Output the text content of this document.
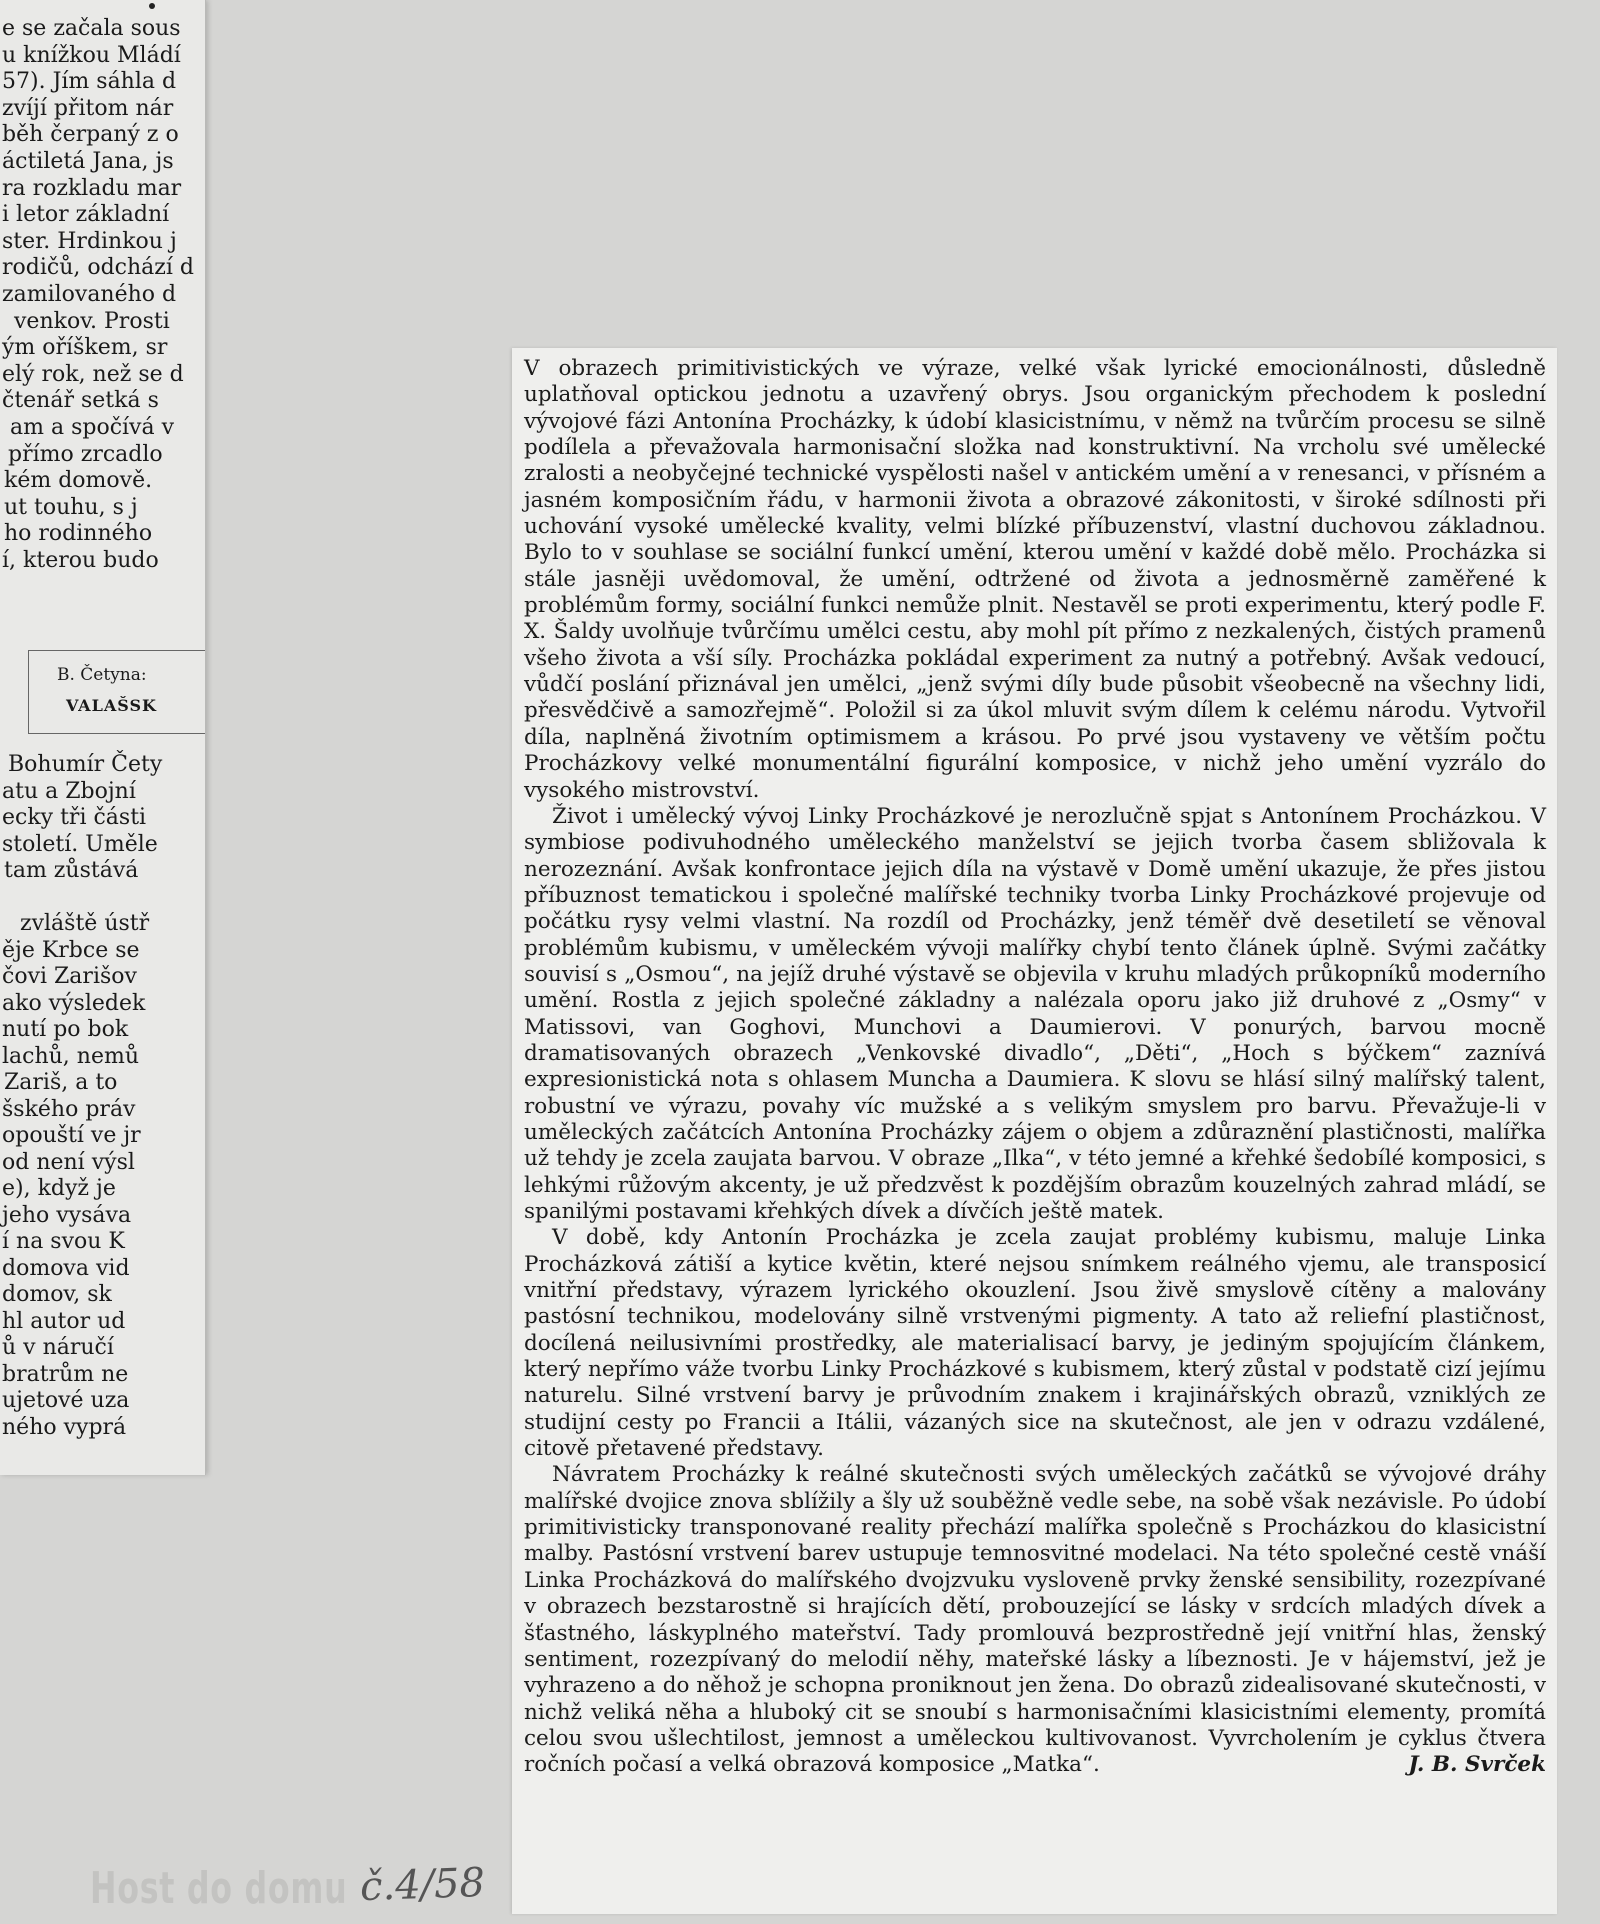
e se začala sous
u knížkou Mládí
57). Jím sáhla d
zvíjí přitom nár
běh čerpaný z o
áctiletá Jana, js
ra rozkladu mar
i letor základní
ster. Hrdinkou j
rodičů, odchází d
zamilovaného d
venkov. Prosti
ým oříškem, sr
elý rok, než se d
čtenář setká s
am a spočívá v
přímo zrcadlo
kém domově.
ut touhu, s j
ho rodinného
í, kterou budo
B. Četyna:
VALAŠSK
Bohumír Čety
atu a Zbojní
ecky tři části
století. Uměle
tam zůstává
zvláště ústř
ěje Krbce se
čovi Zarišov
ako výsledek
nutí po bok
lachů, nemů
Zariš, a to
šského práv
opouští ve jr
od není výsl
e), když je
jeho vysáva
í na svou K
domova vid
domov, sk
hl autor ud
ů v náručí
bratrům ne
ujetové uza
ného vyprá

V obrazech primitivistických ve výraze, velké však lyrické emocionálnosti, důsledně uplatňoval optickou jednotu a uzavřený obrys. Jsou organickým přechodem k poslední vývojové fázi Antonína Procházky, k údobí klasicistnímu, v němž na tvůrčím procesu se silně podílela a převažovala harmonisační složka nad konstruktivní. Na vrcholu své umělecké zralosti a neobyčejné technické vyspělosti našel v antickém umění a v renesanci, v přísném a jasném komposičním řádu, v harmonii života a obrazové zákonitosti, v široké sdílnosti při uchování vysoké umělecké kvality, velmi blízké příbuzenství, vlastní duchovou základnou. Bylo to v souhlase se sociální funkcí umění, kterou umění v každé době mělo. Procházka si stále jasněji uvědomoval, že umění, odtržené od života a jednosměrně zaměřené k problémům formy, sociální funkci nemůže plnit. Nestavěl se proti experimentu, který podle F. X. Šaldy uvolňuje tvůrčímu umělci cestu, aby mohl pít přímo z nezkalených, čistých pramenů všeho života a vší síly. Procházka pokládal experiment za nutný a potřebný. Avšak vedoucí, vůdčí poslání přiznával jen umělci, „jenž svými díly bude působit všeobecně na všechny lidi, přesvědčivě a samozřejmě“. Položil si za úkol mluvit svým dílem k celému národu. Vytvořil díla, naplněná životním optimismem a krásou. Po prvé jsou vystaveny ve větším počtu Procházkovy velké monumentální figurální komposice, v nichž jeho umění vyzrálo do vysokého mistrovství.

Život i umělecký vývoj Linky Procházkové je nerozlučně spjat s Antonínem Procházkou. V symbiose podivuhodného uměleckého manželství se jejich tvorba časem sbližovala k nerozeznání. Avšak konfrontace jejich díla na výstavě v Domě umění ukazuje, že přes jistou příbuznost tematickou i společné malířské techniky tvorba Linky Procházkové projevuje od počátku rysy velmi vlastní. Na rozdíl od Procházky, jenž téměř dvě desetiletí se věnoval problémům kubismu, v uměleckém vývoji malířky chybí tento článek úplně. Svými začátky souvisí s „Osmou“, na jejíž druhé výstavě se objevila v kruhu mladých průkopníků moderního umění. Rostla z jejich společné základny a nalézala oporu jako již druhové z „Osmy“ v Matissovi, van Goghovi, Munchovi a Daumierovi. V ponurých, barvou mocně dramatisovaných obrazech „Venkovské divadlo“, „Děti“, „Hoch s býčkem“ zaznívá expresionistická nota s ohlasem Muncha a Daumiera. K slovu se hlásí silný malířský talent, robustní ve výrazu, povahy víc mužské a s velikým smyslem pro barvu. Převažuje-li v uměleckých začátcích Antonína Procházky zájem o objem a zdůraznění plastičnosti, malířka už tehdy je zcela zaujata barvou. V obraze „Ilka“, v této jemné a křehké šedobílé komposici, s lehkými růžovým akcenty, je už předzvěst k pozdějším obrazům kouzelných zahrad mládí, se spanilými postavami křehkých dívek a dívčích ještě matek.

V době, kdy Antonín Procházka je zcela zaujat problémy kubismu, maluje Linka Procházková zátiší a kytice květin, které nejsou snímkem reálného vjemu, ale transposicí vnitřní představy, výrazem lyrického okouzlení. Jsou živě smyslově cítěny a malovány pastósní technikou, modelovány silně vrstvenými pigmenty. A tato až reliefní plastičnost, docílená neilusivními prostředky, ale materialisací barvy, je jediným spojujícím článkem, který nepřímo váže tvorbu Linky Procházkové s kubismem, který zůstal v podstatě cizí jejímu naturelu. Silné vrstvení barvy je průvodním znakem i krajinářských obrazů, vzniklých ze studijní cesty po Francii a Itálii, vázaných sice na skutečnost, ale jen v odrazu vzdálené, citově přetavené představy.

Návratem Procházky k reálné skutečnosti svých uměleckých začátků se vývojové dráhy malířské dvojice znova sblížily a šly už souběžně vedle sebe, na sobě však nezávisle. Po údobí primitivisticky transponované reality přechází malířka společně s Procházkou do klasicistní malby. Pastósní vrstvení barev ustupuje temnosvitné modelaci. Na této společné cestě vnáší Linka Procházková do malířského dvojzvuku vysloveně prvky ženské sensibility, rozezpívané v obrazech bezstarostně si hrajících dětí, probouzející se lásky v srdcích mladých dívek a šťastného, láskyplného mateřství. Tady promlouvá bezprostředně její vnitřní hlas, ženský sentiment, rozezpívaný do melodií něhy, mateřské lásky a líbeznosti. Je v hájemství, jež je vyhrazeno a do něhož je schopna proniknout jen žena. Do obrazů zidealisované skutečnosti, v nichž veliká něha a hluboký cit se snoubí s harmonisačními klasicistními elementy, promítá celou svou ušlechtilost, jemnost a uměleckou kultivovanost. Vyvrcholením je cyklus čtvera ročních počasí a velká obrazová komposice „Matka“.	J. B. Svrček

Host do domu č.4/58
